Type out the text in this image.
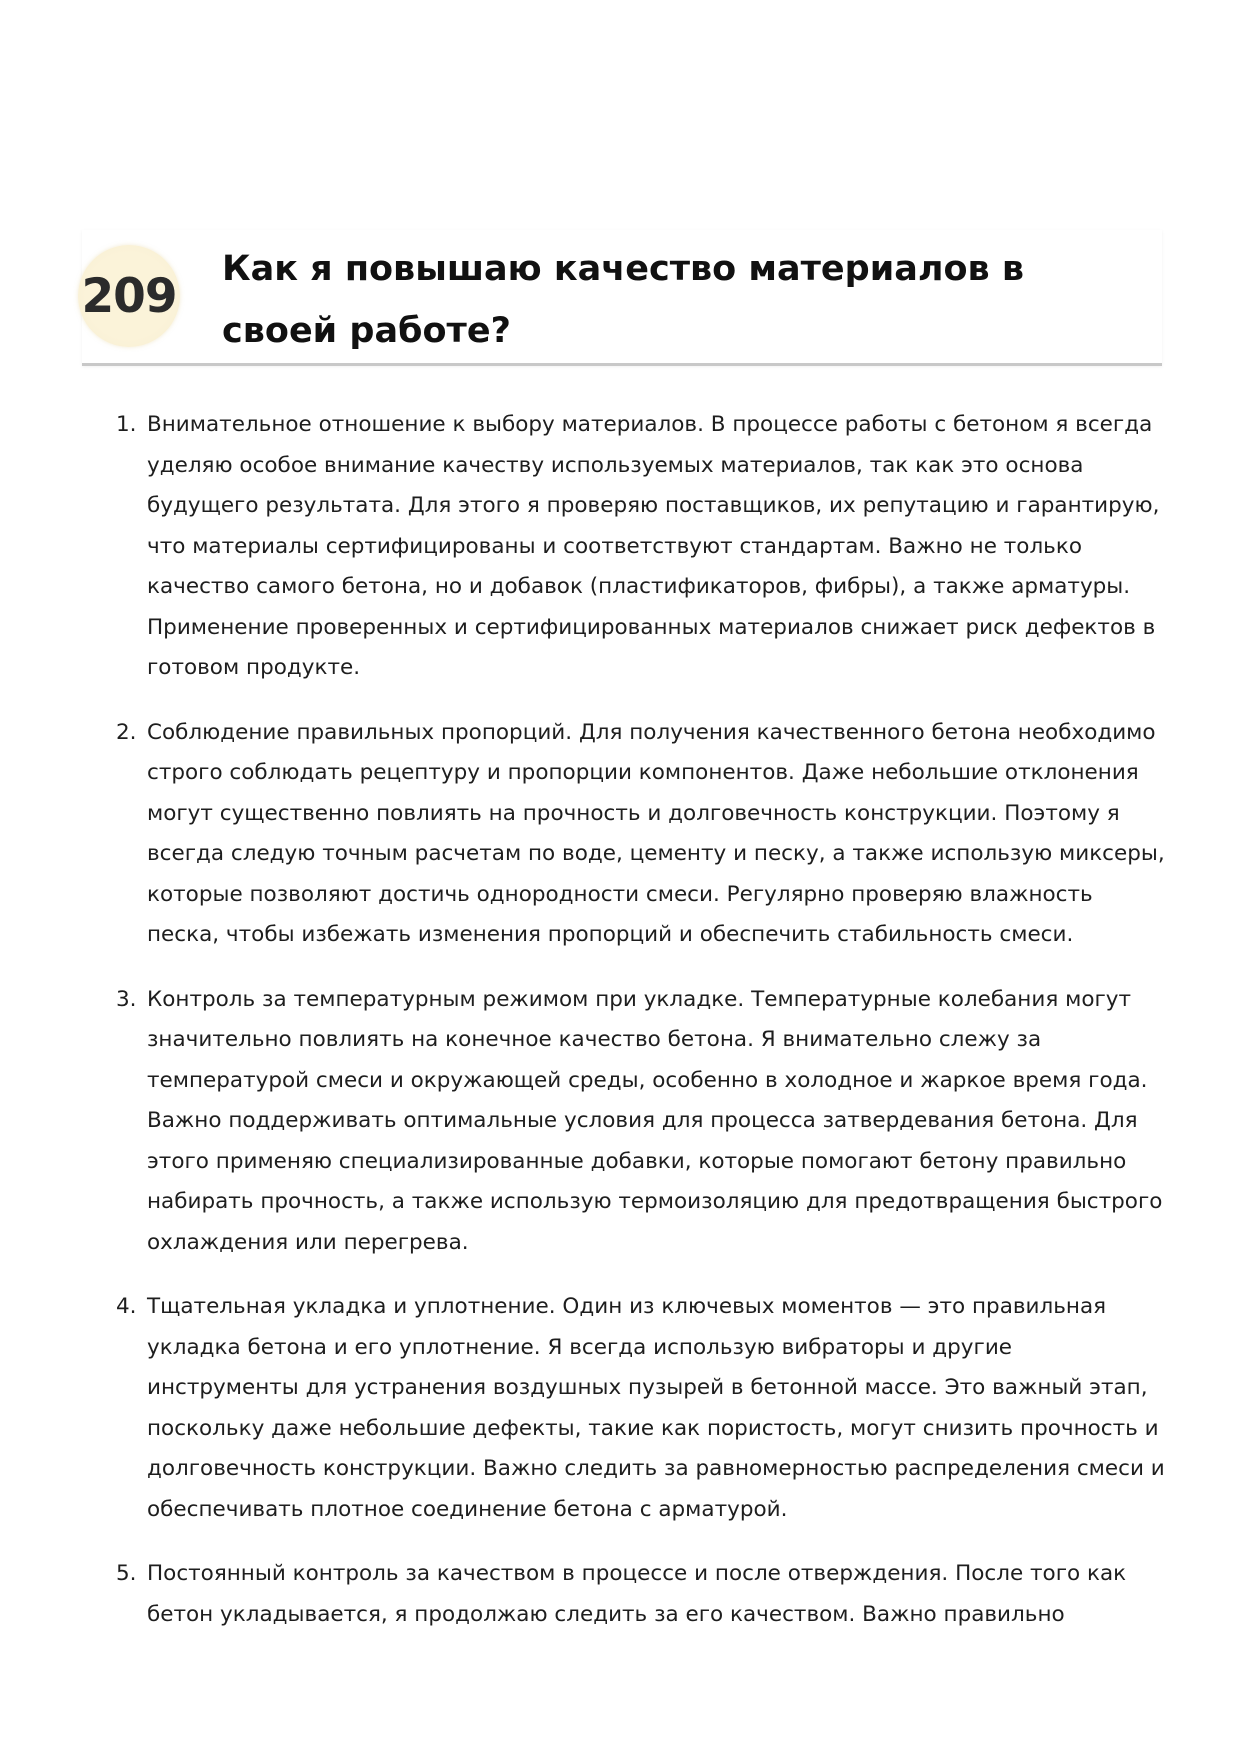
209 Как я повышаю качество материалов в своей работе?
1. Внимательное отношение к выбору материалов. В процессе работы с бетоном я всегда уделяю особое внимание качеству используемых материалов, так как это основа будущего результата. Для этого я проверяю поставщиков, их репутацию и гарантирую, что материалы сертифицированы и соответствуют стандартам. Важно не только качество самого бетона, но и добавок (пластификаторов, фибры), а также арматуры. Применение проверенных и сертифицированных материалов снижает риск дефектов в готовом продукте.
2. Соблюдение правильных пропорций. Для получения качественного бетона необходимо строго соблюдать рецептуру и пропорции компонентов. Даже небольшие отклонения могут существенно повлиять на прочность и долговечность конструкции. Поэтому я всегда следую точным расчетам по воде, цементу и песку, а также использую миксеры, которые позволяют достичь однородности смеси. Регулярно проверяю влажность песка, чтобы избежать изменения пропорций и обеспечить стабильность смеси.
3. Контроль за температурным режимом при укладке. Температурные колебания могут значительно повлиять на конечное качество бетона. Я внимательно слежу за температурой смеси и окружающей среды, особенно в холодное и жаркое время года. Важно поддерживать оптимальные условия для процесса затвердевания бетона. Для этого применяю специализированные добавки, которые помогают бетону правильно набирать прочность, а также использую термоизоляцию для предотвращения быстрого охлаждения или перегрева.
4. Тщательная укладка и уплотнение. Один из ключевых моментов — это правильная укладка бетона и его уплотнение. Я всегда использую вибраторы и другие инструменты для устранения воздушных пузырей в бетонной массе. Это важный этап, поскольку даже небольшие дефекты, такие как пористость, могут снизить прочность и долговечность конструкции. Важно следить за равномерностью распределения смеси и обеспечивать плотное соединение бетона с арматурой.
5. Постоянный контроль за качеством в процессе и после отверждения. После того как бетон укладывается, я продолжаю следить за его качеством. Важно правильно
